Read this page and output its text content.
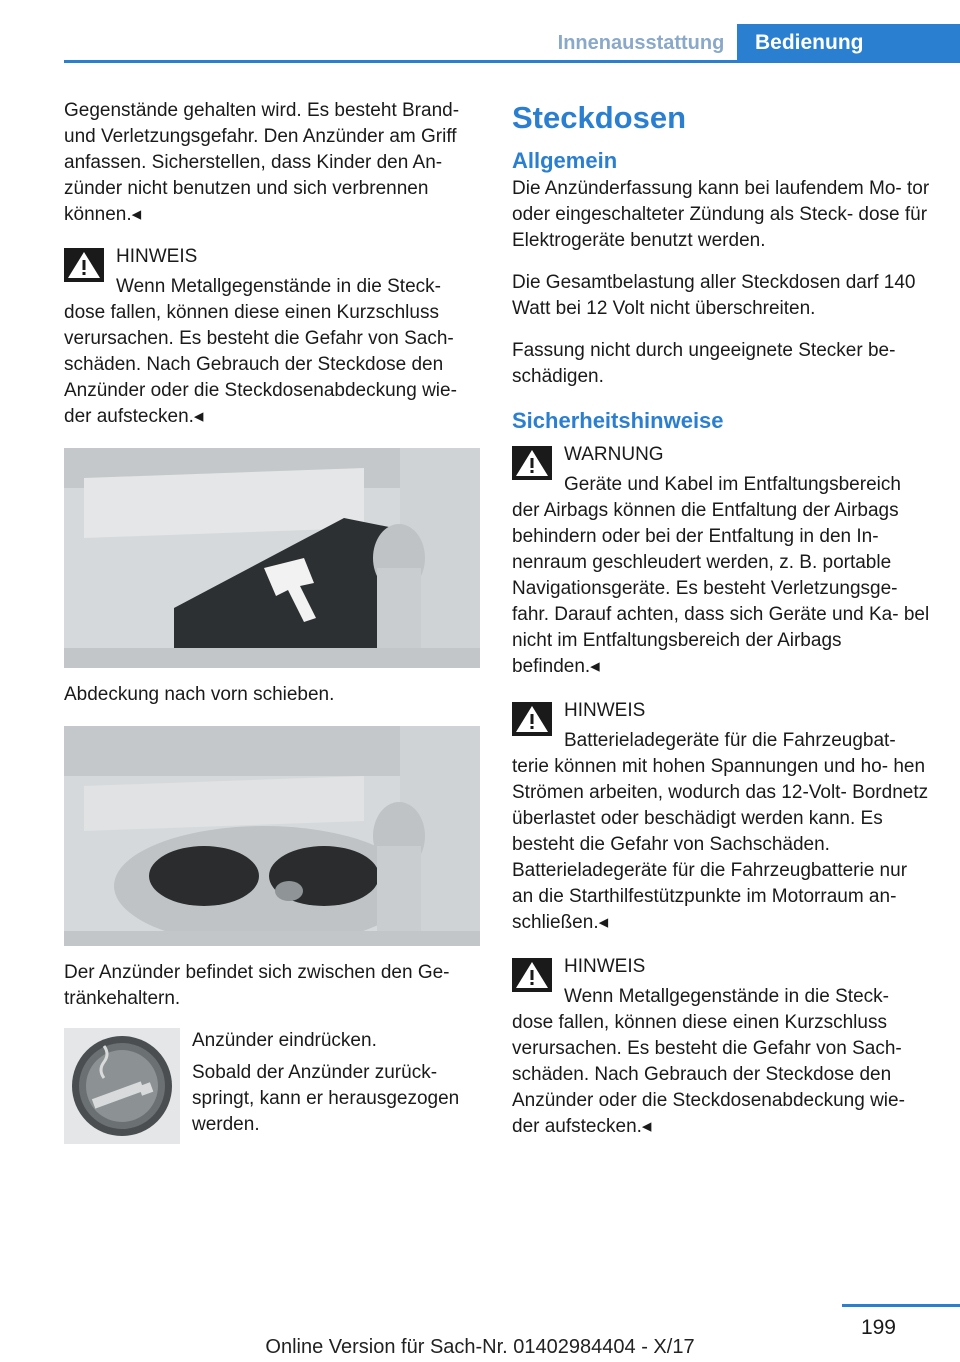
Innenausstattung	Bedienung

Gegenstände gehalten wird. Es besteht Brand- und Verletzungsgefahr. Den Anzünder am Griff anfassen. Sicherstellen, dass Kinder den An- zünder nicht benutzen und sich verbrennen können.◂

HINWEIS
Wenn Metallgegenstände in die Steck-
dose fallen, können diese einen Kurzschluss verursachen. Es besteht die Gefahr von Sach- schäden. Nach Gebrauch der Steckdose den Anzünder oder die Steckdosenabdeckung wie- der aufstecken.◂

Abdeckung nach vorn schieben.

Der Anzünder befindet sich zwischen den Ge- tränkehaltern.

Anzünder eindrücken.

Sobald der Anzünder zurück- springt, kann er herausgezogen werden.

Steckdosen
Allgemein

Die Anzünderfassung kann bei laufendem Mo- tor oder eingeschalteter Zündung als Steck- dose für Elektrogeräte benutzt werden.

Die Gesamtbelastung aller Steckdosen darf 140 Watt bei 12 Volt nicht überschreiten.

Fassung nicht durch ungeeignete Stecker be- schädigen.

Sicherheitshinweise
WARNUNG
Geräte und Kabel im Entfaltungsbereich
der Airbags können die Entfaltung der Airbags behindern oder bei der Entfaltung in den In- nenraum geschleudert werden, z. B. portable Navigationsgeräte. Es besteht Verletzungsge- fahr. Darauf achten, dass sich Geräte und Ka- bel nicht im Entfaltungsbereich der Airbags befinden.◂
HINWEIS
Batterieladegeräte für die Fahrzeugbat-
terie können mit hohen Spannungen und ho- hen Strömen arbeiten, wodurch das 12-Volt- Bordnetz überlastet oder beschädigt werden kann. Es besteht die Gefahr von Sachschäden. Batterieladegeräte für die Fahrzeugbatterie nur an die Starthilfestützpunkte im Motorraum an- schließen.◂
HINWEIS
Wenn Metallgegenstände in die Steck-
dose fallen, können diese einen Kurzschluss verursachen. Es besteht die Gefahr von Sach- schäden. Nach Gebrauch der Steckdose den Anzünder oder die Steckdosenabdeckung wie- der aufstecken.◂
199
Online Version für Sach-Nr. 01402984404 - X/17
